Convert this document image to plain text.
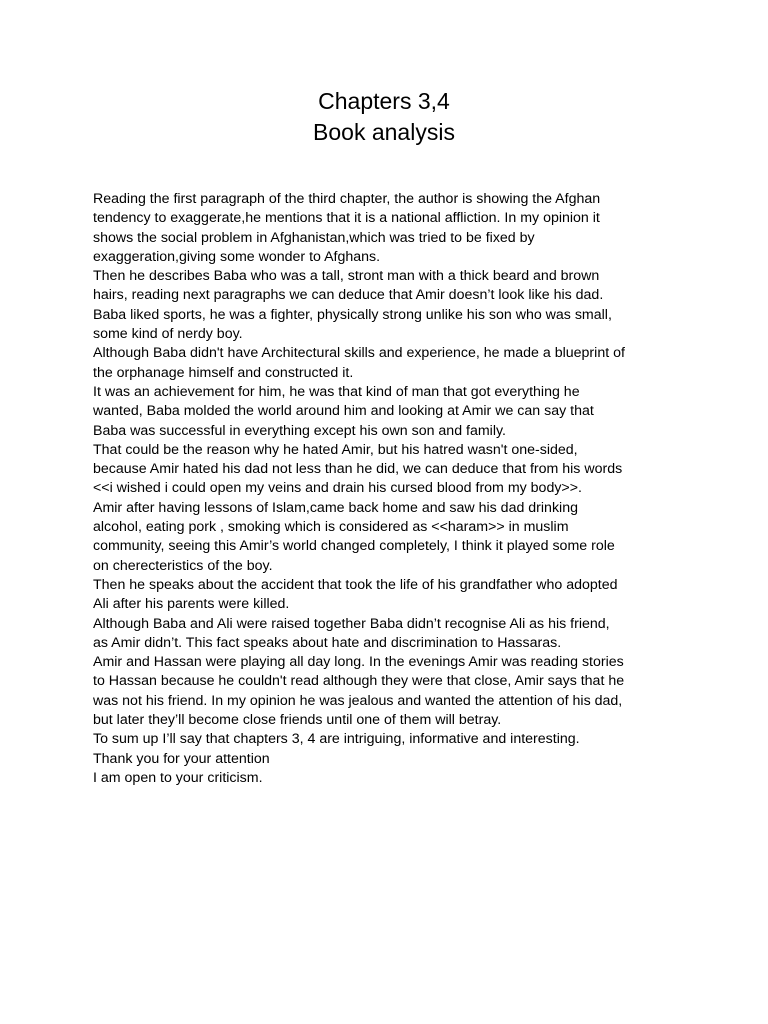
Chapters 3,4
Book analysis
Reading the first paragraph of the third chapter, the author is showing the Afghan
tendency to exaggerate,he mentions that it is a national affliction. In my opinion it
shows the social problem in Afghanistan,which was tried to be fixed by
exaggeration,giving some wonder to Afghans.
Then he describes Baba who was a tall, stront man with a thick beard and brown
hairs, reading next paragraphs we can deduce that Amir doesn’t look like his dad.
Baba liked sports, he was a fighter, physically strong unlike his son who was small,
some kind of nerdy boy.
Although Baba didn't have Architectural skills and experience, he made a blueprint of
the orphanage himself and constructed it.
It was an achievement for him, he was that kind of man that got everything he
wanted, Baba molded the world around him and looking at Amir we can say that
Baba was successful in everything except his own son and family.
That could be the reason why he hated Amir, but his hatred wasn't one-sided,
because Amir hated his dad not less than he did, we can deduce that from his words
<<i wished i could open my veins and drain his cursed blood from my body>>.
Amir after having lessons of Islam,came back home and saw his dad drinking
alcohol, eating pork , smoking which is considered as <<haram>> in muslim
community, seeing this Amir’s world changed completely, I think it played some role
on cherecteristics of the boy.
Then he speaks about the accident that took the life of his grandfather who adopted
Ali after his parents were killed.
Although Baba and Ali were raised together Baba didn’t recognise Ali as his friend,
as Amir didn’t. This fact speaks about hate and discrimination to Hassaras.
Amir and Hassan were playing all day long. In the evenings Amir was reading stories
to Hassan because he couldn't read although they were that close, Amir says that he
was not his friend. In my opinion he was jealous and wanted the attention of his dad,
but later they’ll become close friends until one of them will betray.
To sum up I’ll say that chapters 3, 4 are intriguing, informative and interesting.
Thank you for your attention
I am open to your criticism.
